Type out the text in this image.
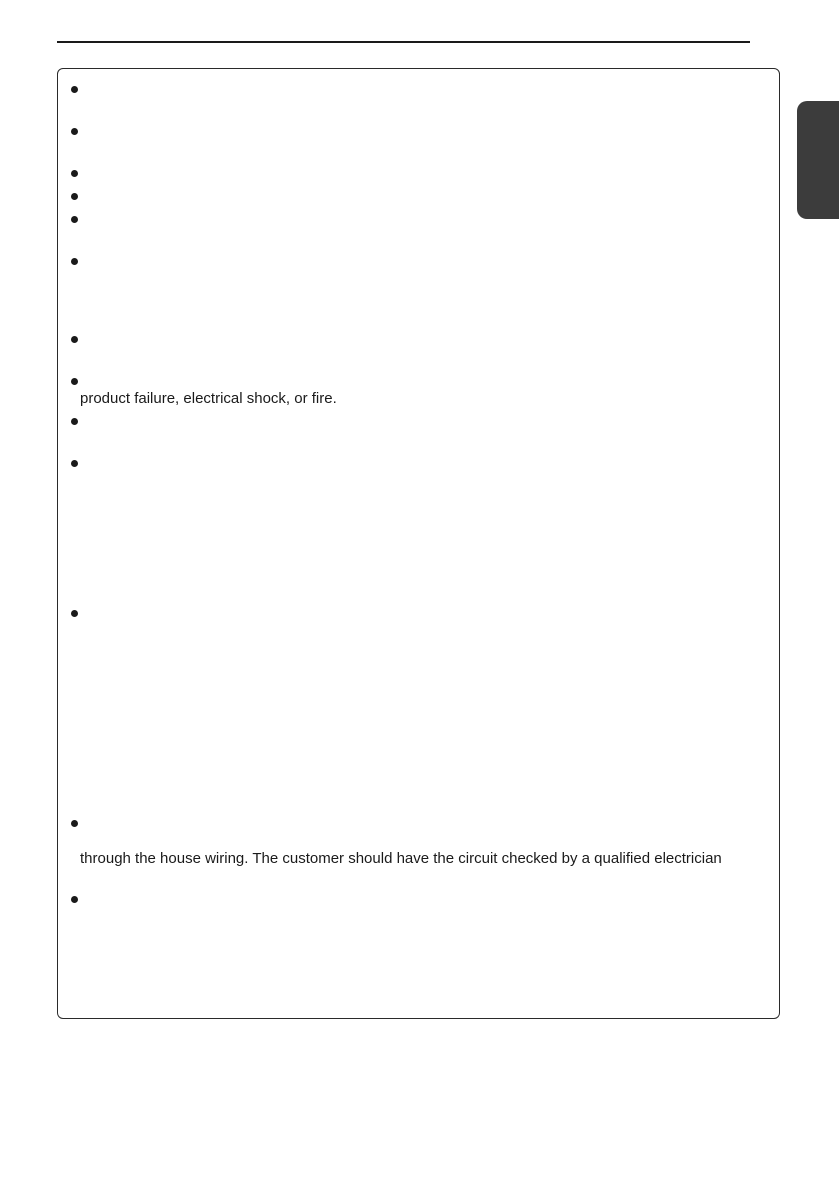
product failure, electrical shock, or fire.
through the house wiring. The customer should have the circuit checked by a qualified electrician
